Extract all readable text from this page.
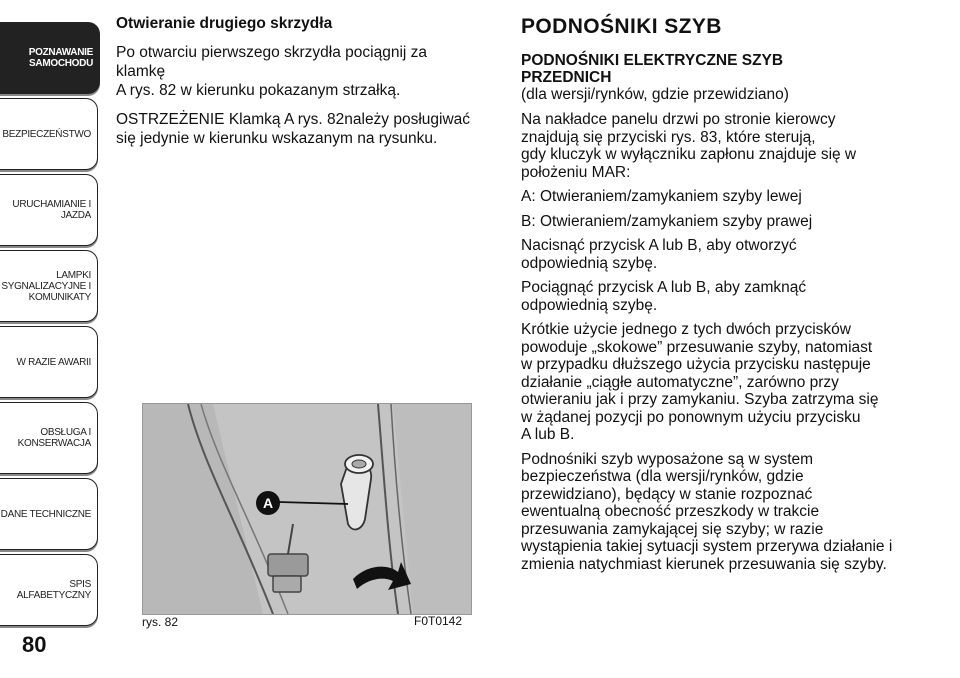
POZNAWANIE
SAMOCHODU
BEZPIECZEŃSTWO
URUCHAMIANIE I
JAZDA
LAMPKI
SYGNALIZACYJNE I
KOMUNIKATY
W RAZIE AWARII
OBSŁUGA I
KONSERWACJA
DANE TECHNICZNE
SPIS ALFABETYCZNY
80
Otwieranie drugiego skrzydła

Po otwarciu pierwszego skrzydła pociągnij za klamkę
A rys. 82 w kierunku pokazanym strzałką.

OSTRZEŻENIE Klamką A rys. 82należy posługiwać
się jedynie w kierunku wskazanym na rysunku.

A
rys. 82	F0T0142
PODNOŚNIKI SZYB
PODNOŚNIKI ELEKTRYCZNE SZYB
PRZEDNICH

(dla wersji/rynków, gdzie przewidziano)

Na nakładce panelu drzwi po stronie kierowcy
znajdują się przyciski rys. 83, które sterują,
gdy kluczyk w wyłączniku zapłonu znajduje się w
położeniu MAR:

A: Otwieraniem/zamykaniem szyby lewej

B: Otwieraniem/zamykaniem szyby prawej

Nacisnąć przycisk A lub B, aby otworzyć
odpowiednią szybę.

Pociągnąć przycisk A lub B, aby zamknąć
odpowiednią szybę.

Krótkie użycie jednego z tych dwóch przycisków
powoduje „skokowe” przesuwanie szyby, natomiast
w przypadku dłuższego użycia przycisku następuje
działanie „ciągłe automatyczne”, zarówno przy
otwieraniu jak i przy zamykaniu. Szyba zatrzyma się
w żądanej pozycji po ponownym użyciu przycisku
A lub B.

Podnośniki szyb wyposażone są w system
bezpieczeństwa (dla wersji/rynków, gdzie
przewidziano), będący w stanie rozpoznać
ewentualną obecność przeszkody w trakcie
przesuwania zamykającej się szyby; w razie
wystąpienia takiej sytuacji system przerywa działanie i
zmienia natychmiast kierunek przesuwania się szyby.
